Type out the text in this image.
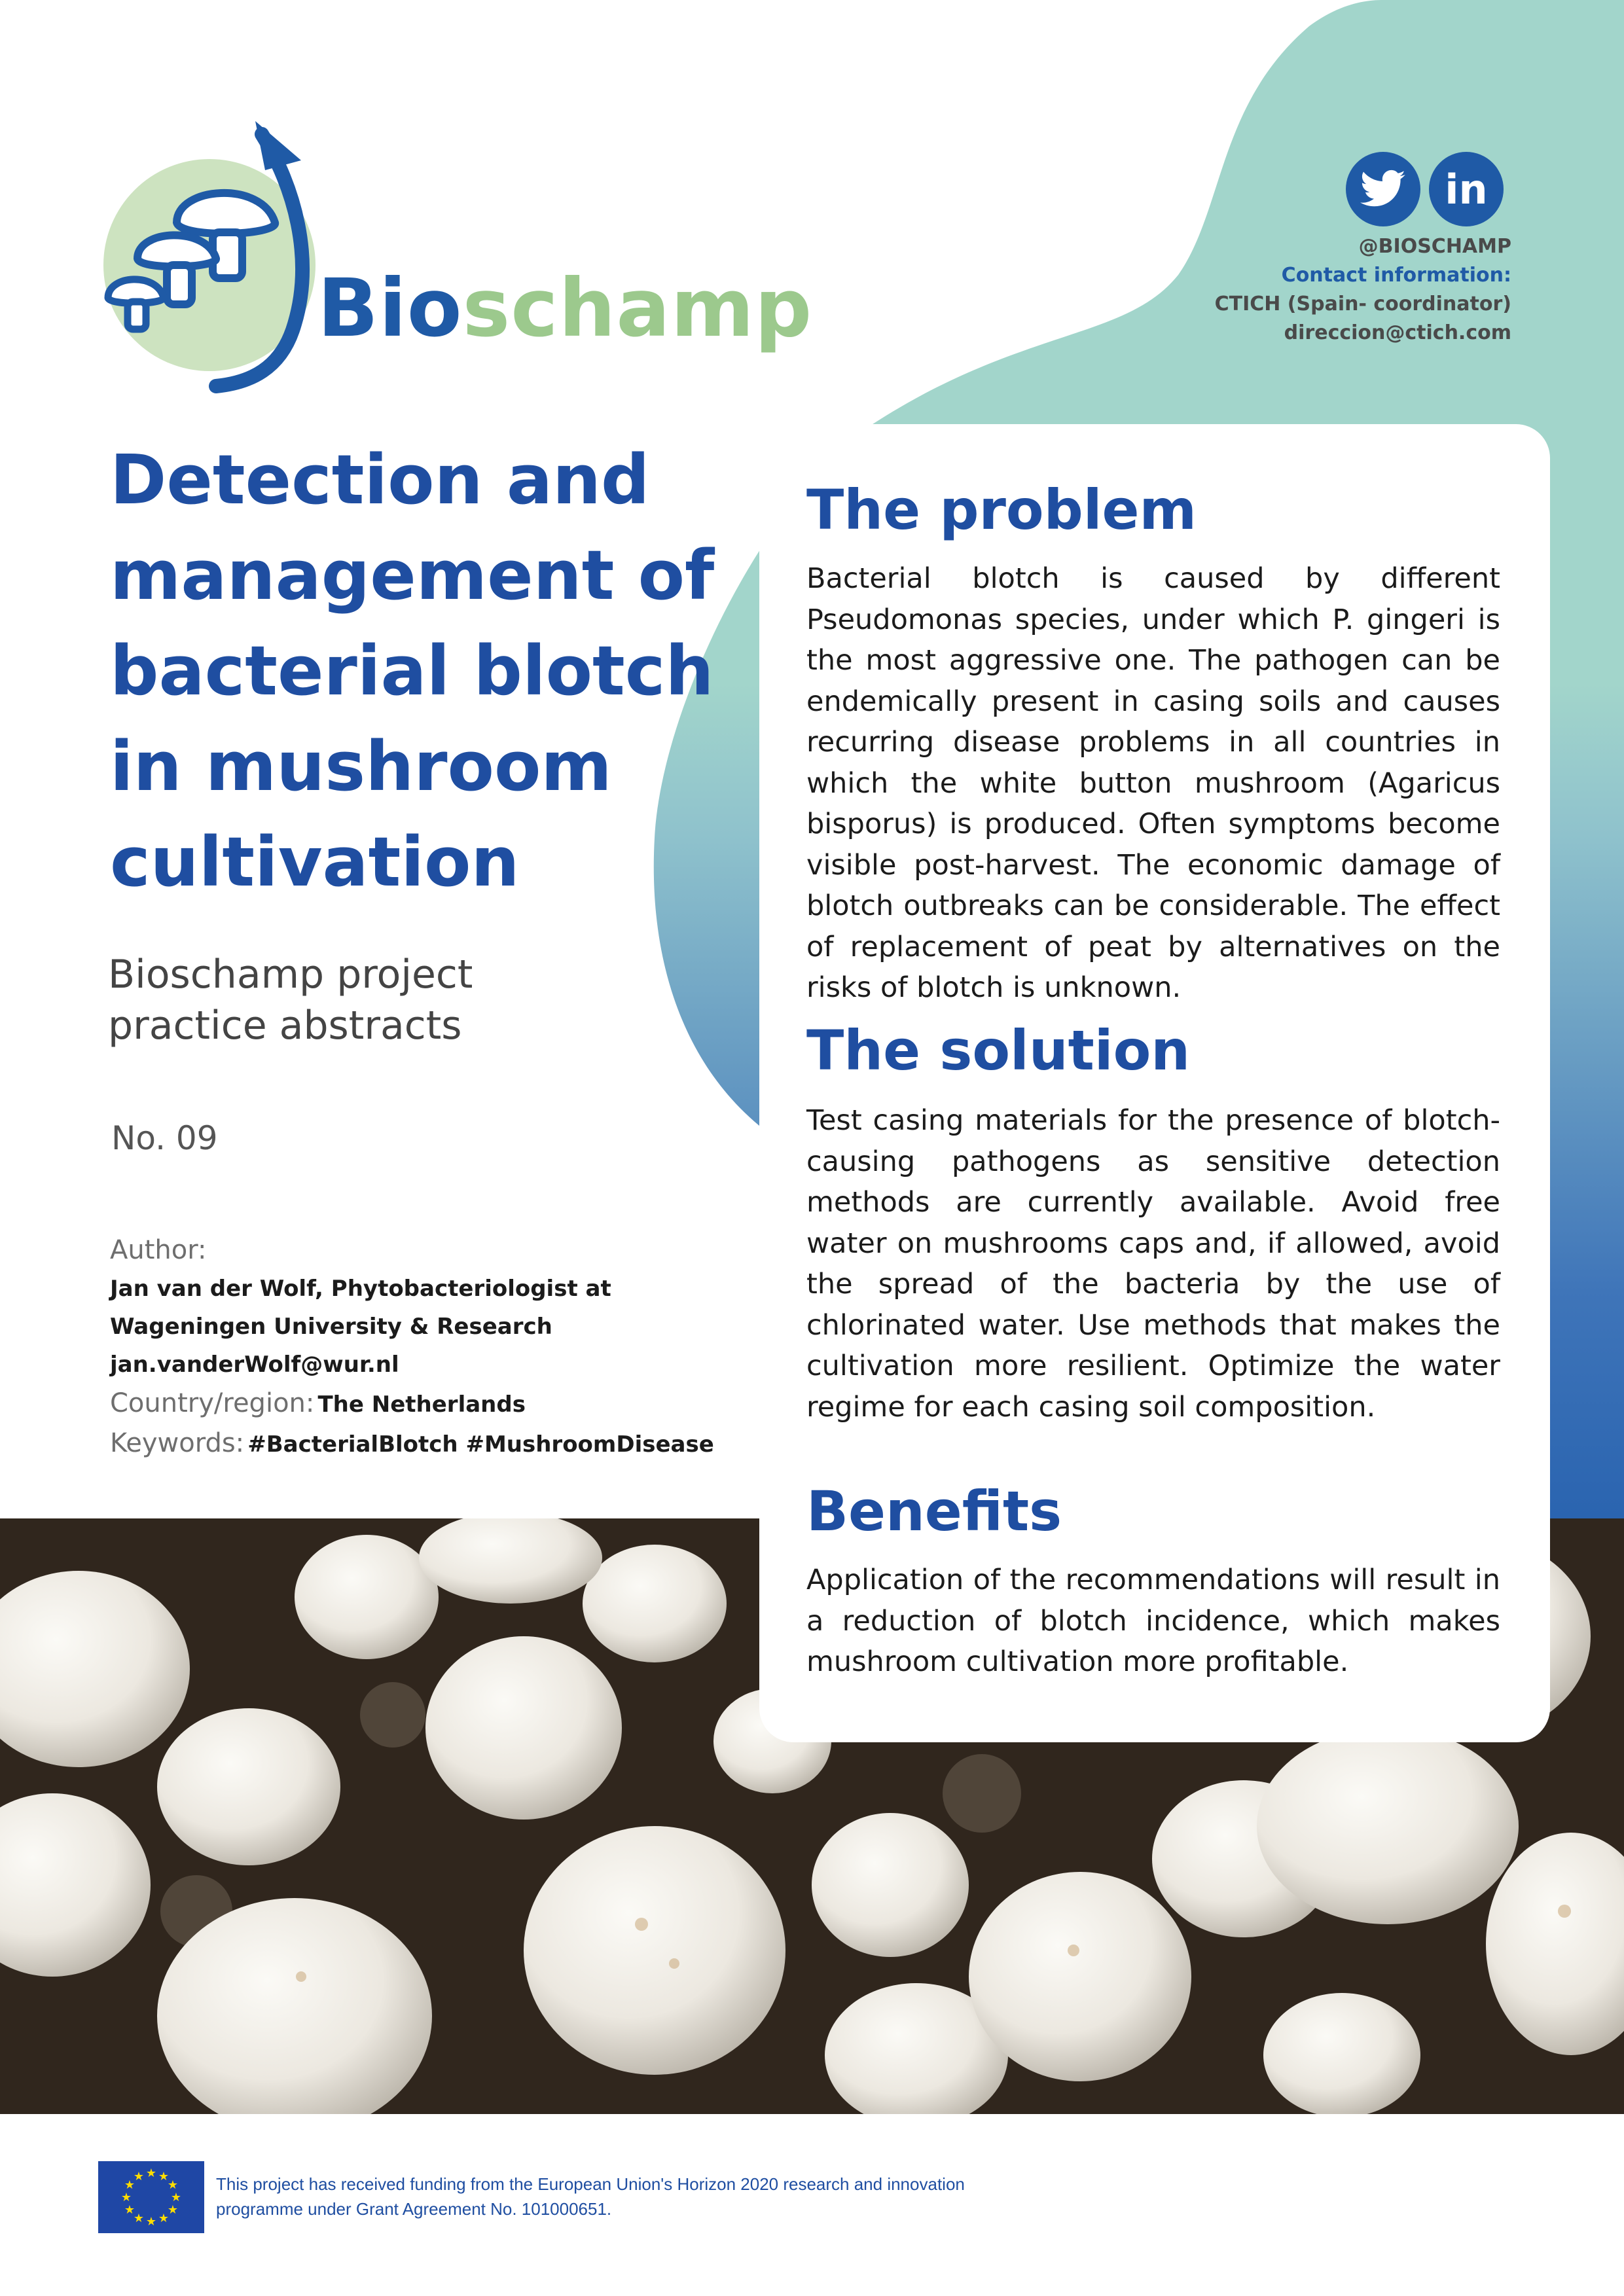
Bioschamp
in
@BIOSCHAMP
Contact information:
CTICH (Spain- coordinator)
direccion@ctich.com
Detection and
management of
bacterial blotch
in mushroom
cultivation
Bioschamp project
practice abstracts
No. 09
Author:
Jan van der Wolf, Phytobacteriologist at
Wageningen University & Research
jan.vanderWolf@wur.nl
Country/region: The Netherlands
Keywords: #BacterialBlotch #MushroomDisease
The problem
Bacterial blotch is caused by different Pseudomonas species, under which P. gingeri is the most aggressive one. The pathogen can be endemically present in casing soils and causes recurring disease problems in all countries in which the white button mushroom (Agaricus bisporus) is produced. Often symptoms become visible post-harvest. The economic damage of blotch outbreaks can be considerable. The effect of replacement of peat by alternatives on the risks of blotch is unknown.
The solution
Test casing materials for the presence of blotch-causing pathogens as sensitive detection methods are currently available. Avoid free water on mushrooms caps and, if allowed, avoid the spread of the bacteria by the use of chlorinated water. Use methods that makes the cultivation more resilient. Optimize the water regime for each casing soil composition.
Benefits
Application of the recommendations will result in a reduction of blotch incidence, which makes mushroom cultivation more profitable.
★ ★
★
★
★
★
★
★
★
★
★
★	This project has received funding from the European Union's Horizon 2020 research and innovation
programme under Grant Agreement No. 101000651.
